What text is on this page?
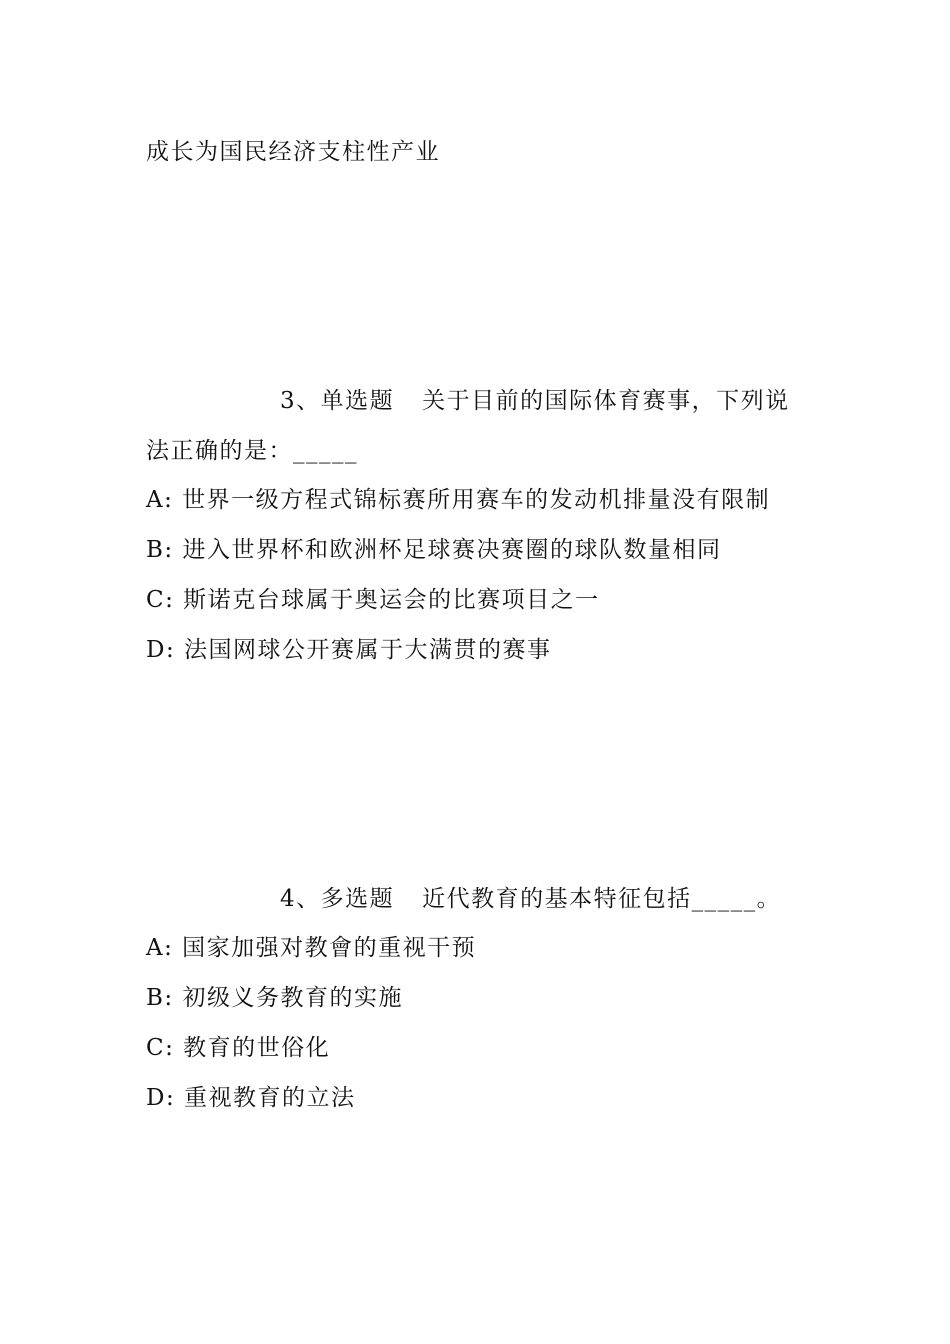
成长为国民经济支柱性产业
3、单选题 关于目前的国际体育赛事，下列说
法正确的是：_____
A: 世界一级方程式锦标赛所用赛车的发动机排量没有限制
B: 进入世界杯和欧洲杯足球赛决赛圈的球队数量相同
C: 斯诺克台球属于奥运会的比赛项目之一
D: 法国网球公开赛属于大满贯的赛事
4、多选题 近代教育的基本特征包括_____。
A: 国家加强对教會的重视干预
B: 初级义务教育的实施
C: 教育的世俗化
D: 重视教育的立法
